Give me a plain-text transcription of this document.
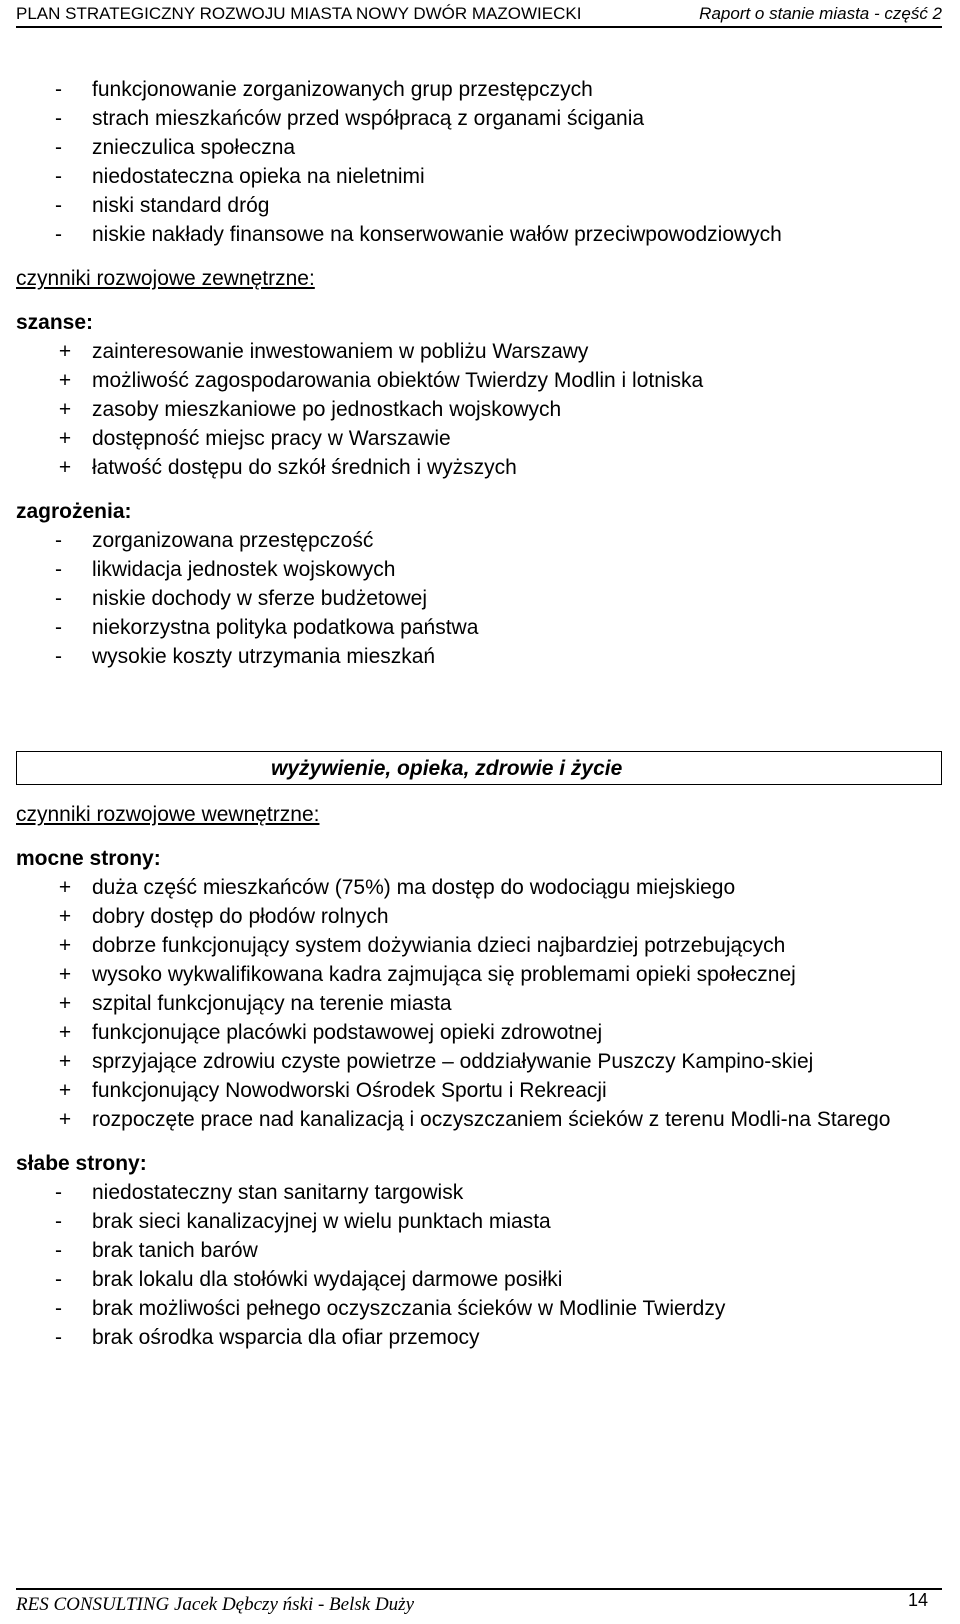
PLAN STRATEGICZNY ROZWOJU MIASTA NOWY DWÓR MAZOWIECKI	Raport o stanie miasta - część 2
-	funkcjonowanie zorganizowanych grup przestępczych
-	strach mieszkańców przed współpracą z organami ścigania
-	znieczulica społeczna
-	niedostateczna opieka na nieletnimi
-	niski standard dróg
-	niskie nakłady finansowe na konserwowanie wałów przeciwpowodziowych
czynniki rozwojowe zewnętrzne:
szanse:
+ zainteresowanie inwestowaniem w pobliżu Warszawy
+ możliwość zagospodarowania obiektów Twierdzy Modlin i lotniska
+ zasoby mieszkaniowe po jednostkach wojskowych
+ dostępność miejsc pracy w Warszawie
+ łatwość dostępu do szkół średnich i wyższych
zagrożenia:
-	zorganizowana przestępczość
-	likwidacja jednostek wojskowych
-	niskie dochody w sferze budżetowej
-	niekorzystna polityka podatkowa państwa
-	wysokie koszty utrzymania mieszkań
wyżywienie, opieka, zdrowie i życie
czynniki rozwojowe wewnętrzne:
mocne strony:
+ duża część mieszkańców (75%) ma dostęp do wodociągu miejskiego
+ dobry dostęp do płodów rolnych
+ dobrze funkcjonujący system dożywiania dzieci najbardziej potrzebujących
+ wysoko wykwalifikowana kadra zajmująca się problemami opieki społecznej
+ szpital funkcjonujący na terenie miasta
+ funkcjonujące placówki podstawowej opieki zdrowotnej
+ sprzyjające zdrowiu czyste powietrze – oddziaływanie Puszczy Kampino-skiej
+ funkcjonujący Nowodworski Ośrodek Sportu i Rekreacji
+ rozpoczęte prace nad kanalizacją i oczyszczaniem ścieków z terenu Modli-na Starego
słabe strony:
-	niedostateczny stan sanitarny targowisk
-	brak sieci kanalizacyjnej w wielu punktach miasta
-	brak tanich barów
-	brak lokalu dla stołówki wydającej darmowe posiłki
-	brak możliwości pełnego oczyszczania ścieków w Modlinie Twierdzy
-	brak ośrodka wsparcia dla ofiar przemocy
RES CONSULTING Jacek Dębczy ński - Belsk Duży	14
